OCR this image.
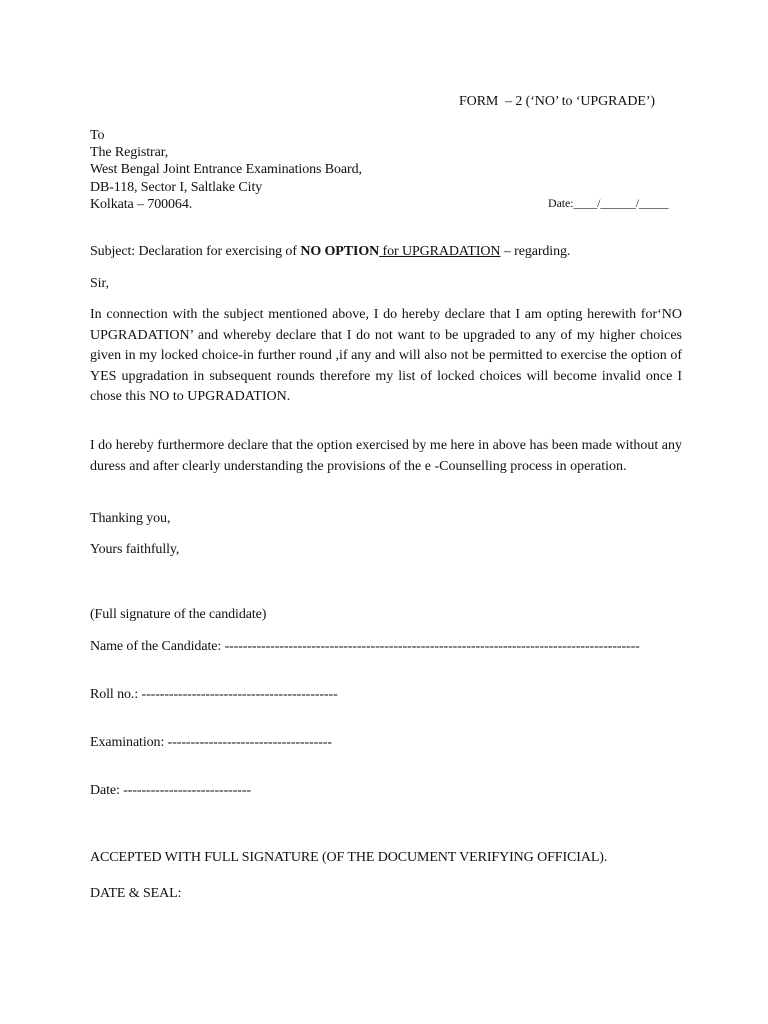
FORM  – 2 (‘NO’ to ‘UPGRADE’)
To
The Registrar,
West Bengal Joint Entrance Examinations Board,
DB-118, Sector I, Saltlake City
Kolkata – 700064.	Date:____/______/_____
Subject: Declaration for exercising of NO OPTION for UPGRADATION – regarding.
Sir,
In connection with the subject mentioned above, I do hereby declare that I am opting herewith for‘NO UPGRADATION’ and whereby declare that I do not want to be upgraded to any of my higher choices given in my locked choice-in further round ,if any and will also not be permitted to exercise the option of YES upgradation in subsequent rounds therefore my list of locked choices will become invalid once I chose this NO to UPGRADATION.
I do hereby furthermore declare that the option exercised by me here in above has been made without any duress and after clearly understanding the provisions of the e -Counselling process in operation.
Thanking you,
Yours faithfully,
(Full signature of the candidate)
Name of the Candidate: -------------------------------------------------------------------------------------------
Roll no.: -------------------------------------------
Examination: ------------------------------------
Date: ----------------------------
ACCEPTED WITH FULL SIGNATURE (OF THE DOCUMENT VERIFYING OFFICIAL).
DATE & SEAL:
